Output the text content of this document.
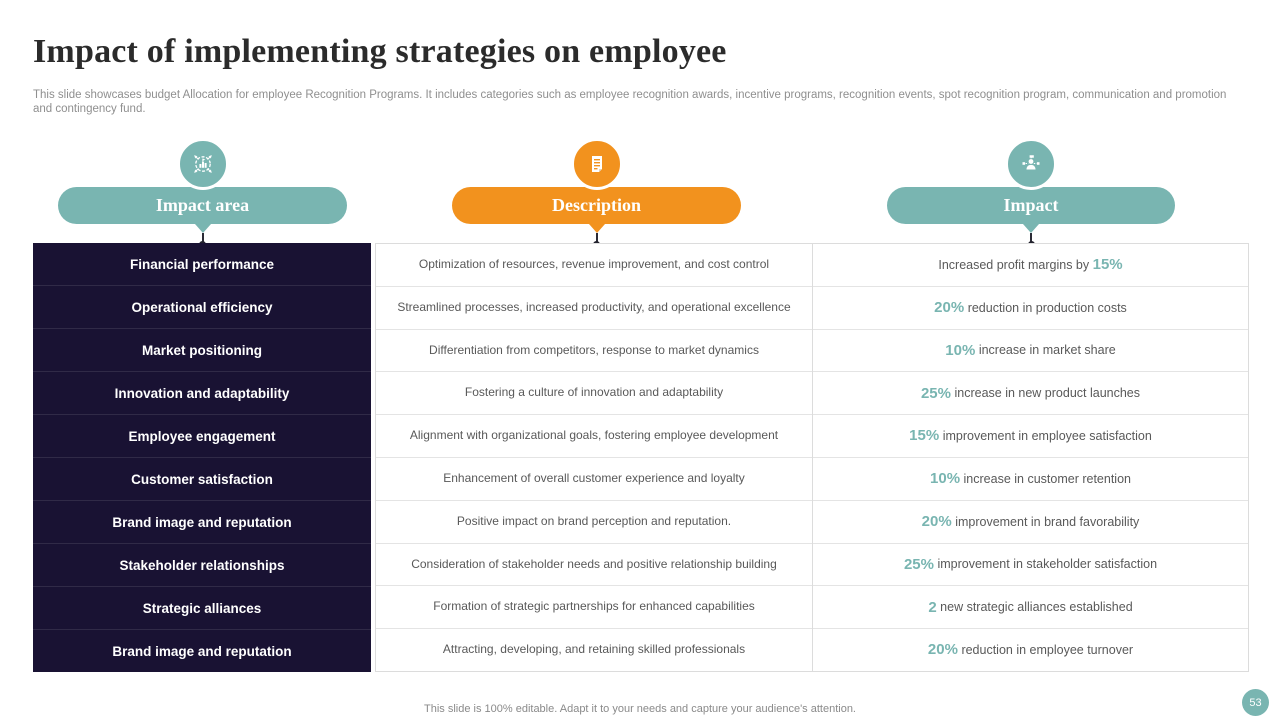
Impact of implementing strategies on employee

This slide showcases budget Allocation for employee Recognition Programs. It includes categories such as employee recognition awards, incentive programs, recognition events, spot recognition program, communication and promotion and contingency fund.

Impact area	Description	Impact
Financial performance
Operational efficiency
Market positioning
Innovation and adaptability
Employee engagement
Customer satisfaction
Brand image and reputation
Stakeholder relationships
Strategic alliances
Brand image and reputation
Optimization of resources, revenue improvement, and cost control
Streamlined processes, increased productivity, and operational excellence
Differentiation from competitors, response to market dynamics
Fostering a culture of innovation and adaptability
Alignment with organizational goals, fostering employee development
Enhancement of overall customer experience and loyalty
Positive impact on brand perception and reputation.
Consideration of stakeholder needs and positive relationship building
Formation of strategic partnerships for enhanced capabilities
Attracting, developing, and retaining skilled professionals
Increased profit margins by 15%
20% reduction in production costs
10% increase in market share
25% increase in new product launches
15% improvement in employee satisfaction
10% increase in customer retention
20% improvement in brand favorability
25% improvement in stakeholder satisfaction
2 new strategic alliances established
20% reduction in employee turnover
This slide is 100% editable. Adapt it to your needs and capture your audience's attention.
53
